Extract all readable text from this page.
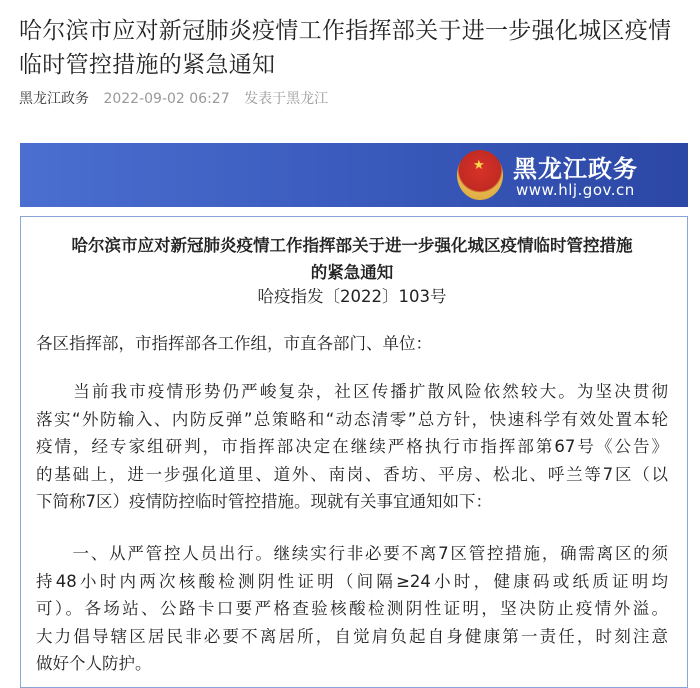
哈尔滨市应对新冠肺炎疫情工作指挥部关于进一步强化城区疫情临时管控措施的紧急通知
黑龙江政务 2022-09-02 06:27 发表于黑龙江
★ 黑龙江政务
www.hlj.gov.cn
哈尔滨市应对新冠肺炎疫情工作指挥部关于进一步强化城区疫情临时管控措施
的紧急通知
哈疫指发〔2022〕103号
各区指挥部，市指挥部各工作组，市直各部门、单位：
　　当前我市疫情形势仍严峻复杂，社区传播扩散风险依然较大。为坚决贯彻
落实“外防输入、内防反弹”总策略和“动态清零”总方针，快速科学有效处置本轮
疫情，经专家组研判，市指挥部决定在继续严格执行市指挥部第67号《公告》
的基础上，进一步强化道里、道外、南岗、香坊、平房、松北、呼兰等7区（以
下简称7区）疫情防控临时管控措施。现就有关事宜通知如下：
　　一、从严管控人员出行。继续实行非必要不离7区管控措施，确需离区的须
持48小时内两次核酸检测阴性证明（间隔≥24小时，健康码或纸质证明均
可）。各场站、公路卡口要严格查验核酸检测阴性证明，坚决防止疫情外溢。
大力倡导辖区居民非必要不离居所，自觉肩负起自身健康第一责任，时刻注意
做好个人防护。
